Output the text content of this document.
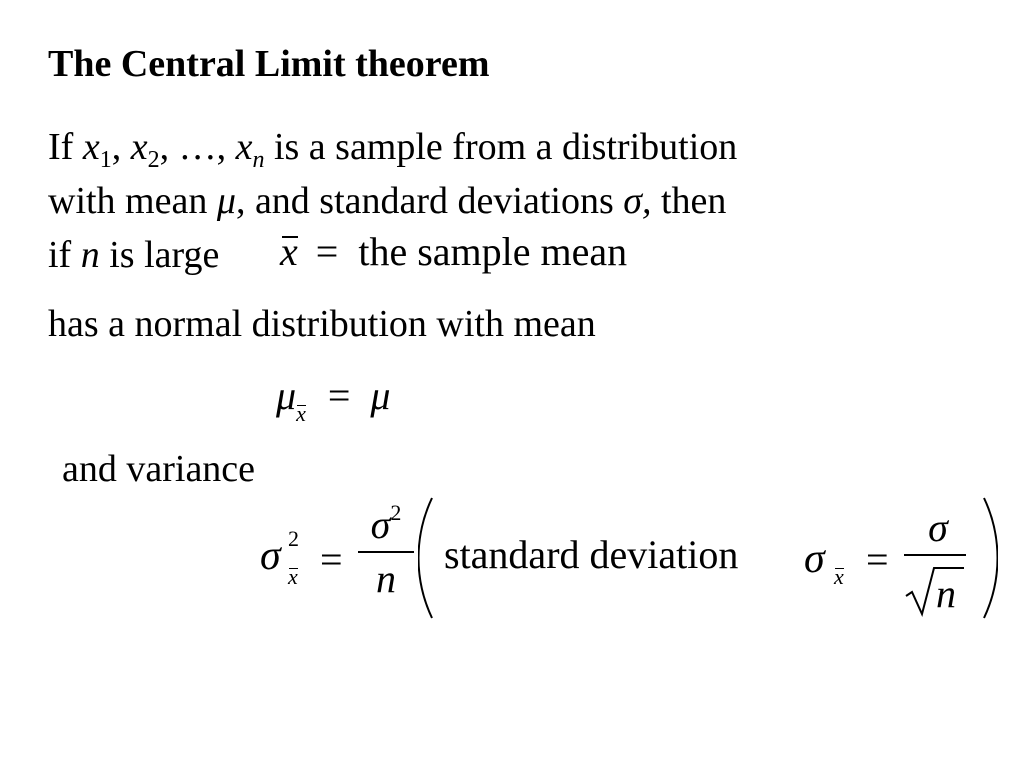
The Central Limit theorem
If $x_1$, $x_2$, …, $x_n$ is a sample from a distribution
with mean μ, and standard deviations σ, then
if n is large x = the sample mean
has a normal distribution with mean
μx = μ
and variance
σ 2
x =
$\sigma^2$
n
standard deviation σ x =
σ
n
